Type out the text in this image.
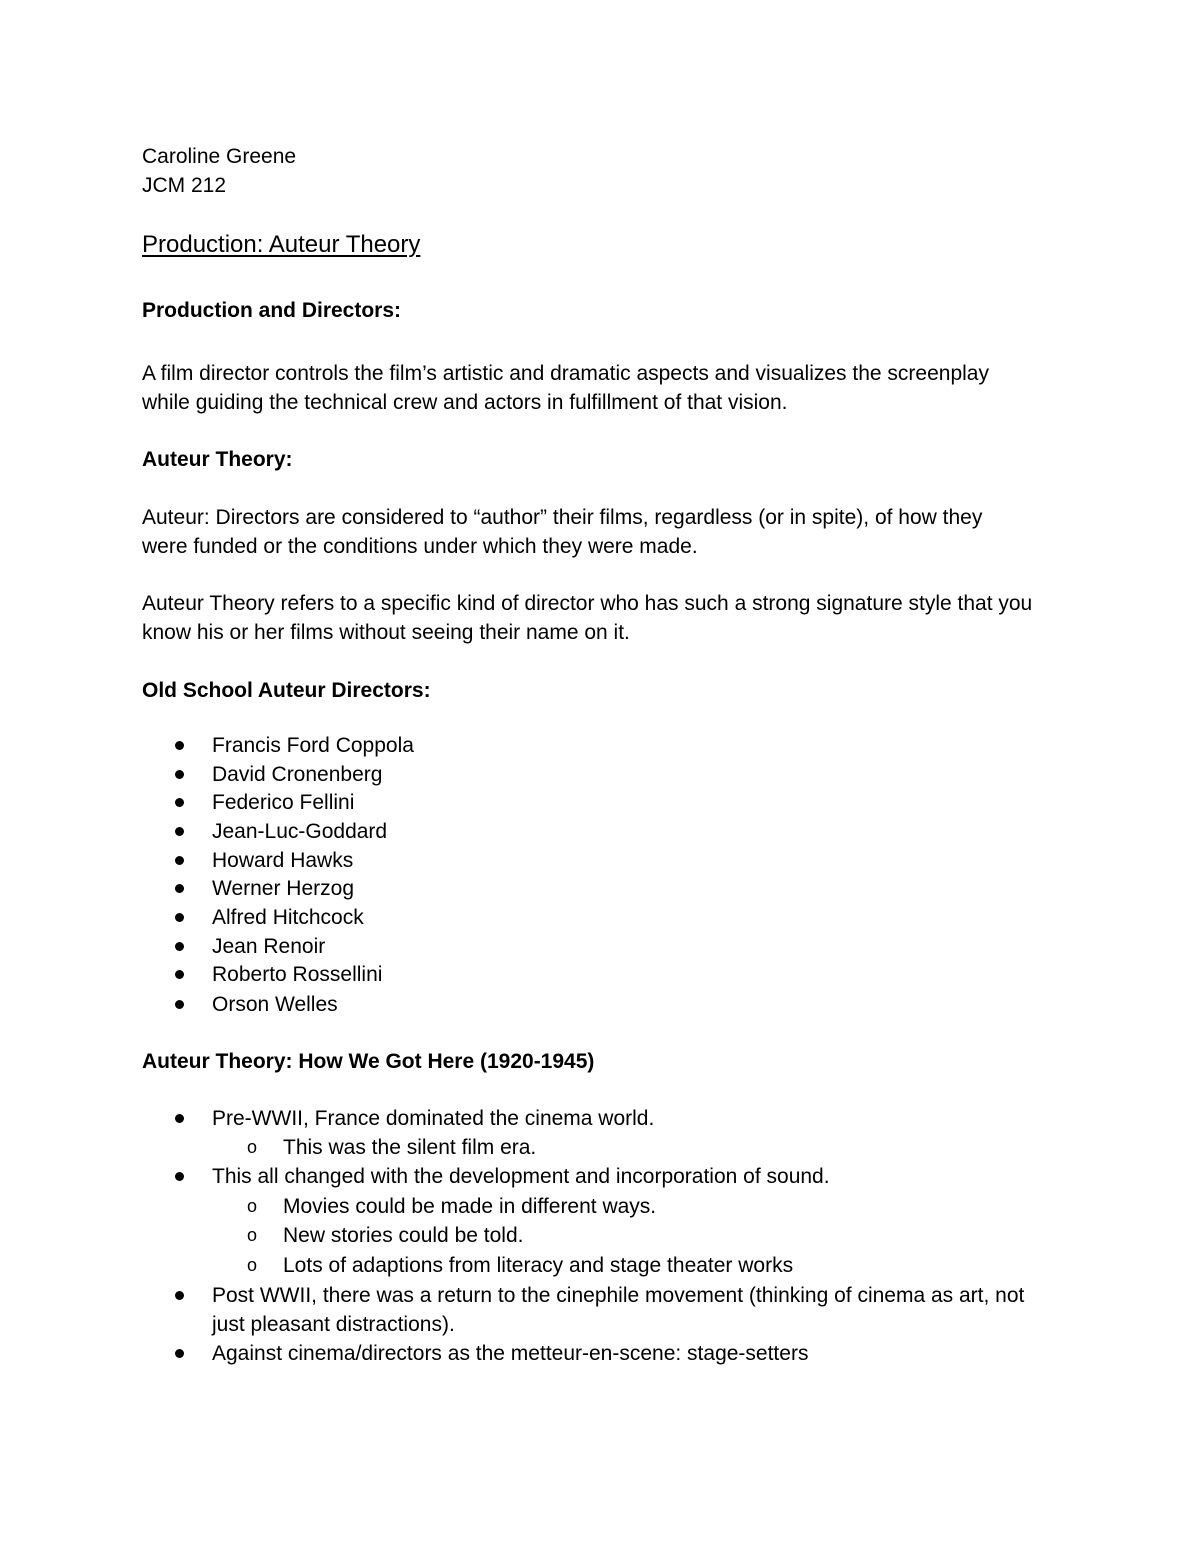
Caroline Greene
JCM 212
Production: Auteur Theory
Production and Directors:
A film director controls the film’s artistic and dramatic aspects and visualizes the screenplay
while guiding the technical crew and actors in fulfillment of that vision.
Auteur Theory:
Auteur: Directors are considered to “author” their films, regardless (or in spite), of how they
were funded or the conditions under which they were made.
Auteur Theory refers to a specific kind of director who has such a strong signature style that you
know his or her films without seeing their name on it.
Old School Auteur Directors:
Francis Ford Coppola
David Cronenberg
Federico Fellini
Jean-Luc-Goddard
Howard Hawks
Werner Herzog
Alfred Hitchcock
Jean Renoir
Roberto Rossellini
Orson Welles
Auteur Theory: How We Got Here (1920-1945)
Pre-WWII, France dominated the cinema world.
o This was the silent film era.
This all changed with the development and incorporation of sound.
o Movies could be made in different ways.
o New stories could be told.
o Lots of adaptions from literacy and stage theater works
Post WWII, there was a return to the cinephile movement (thinking of cinema as art, not
just pleasant distractions).
Against cinema/directors as the metteur-en-scene: stage-setters
